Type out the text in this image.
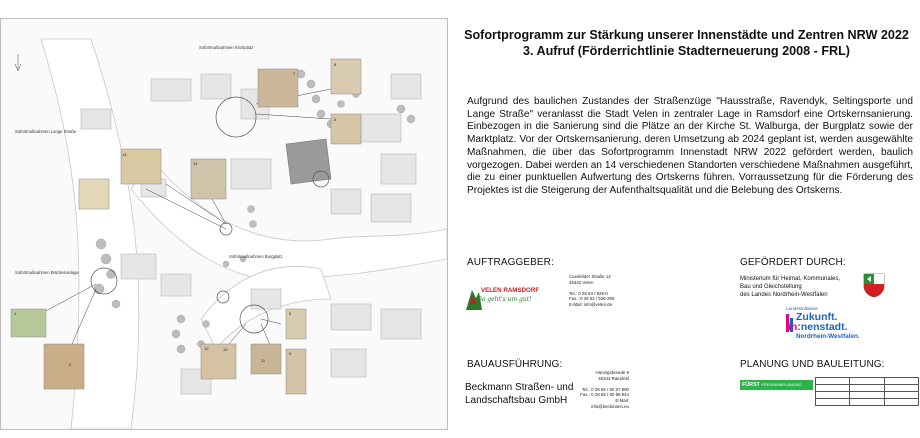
6
7
5
13
14
1
2
8
9
10
11
12
Sofortmaßnahmen Kirchplatz
Sofortmaßnahmen Lange Straße
Sofortmaßnahmen Burgplatz
Sofortmaßnahmen Brückenanlage
Sofortprogramm zur Stärkung unserer Innenstädte und Zentren NRW 2022
3. Aufruf (Förderrichtlinie Stadterneuerung 2008 - FRL)
Aufgrund des baulichen Zustandes der Straßenzüge "Hausstraße, Ravendyk, Seltingsporte und Lange Straße" veranlasst die Stadt Velen in zentraler Lage in Ramsdorf eine Ortskernsanierung. Einbezogen in die Sanierung sind die Plätze an der Kirche St. Walburga, der Burgplatz sowie der Marktplatz. Vor der Ortskernsanierung, deren Umsetzung ab 2024 geplant ist, werden ausgewählte Maßnahmen, die über das Sofortprogramm Innenstadt NRW 2022 gefördert werden, baulich vorgezogen. Dabei werden an 14 verschiedenen Standorten verschiedene Maßnahmen ausgeführt, die zu einer punktuellen Aufwertung des Ortskerns führen. Vorraussetzung für die Förderung des Projektes ist die Steigerung der Aufenthaltsqualität und die Belebung des Ortskerns.
AUFTRAGGEBER:
VELEN RAMSDORF
Da geht's um gut!
Coesfelder Straße 14
46342 Velen

Tel.: 0 28 63 / 926-0
Fax.: 0 28 63 / 926-299
E-Mail: info@velen.de
GEFÖRDERT DURCH:
Ministerium für Heimat, Kommunales,
Bau und Gleichstellung
des Landes Nordrhein-Westfalen
Landesinitiative
Zukunft.
in:nenstadt.
Nordrhein-Westfalen.
BAUAUSFÜHRUNG:
Beckmann Straßen- und Landschaftsbau GmbH
Hüningsbreede 8
46343 Raesfeld

Tel.: 0 28 65 / 60 97 990
Fax.: 0 28 65 / 60 86 944
E-Mail: info@beckmann.eu
PLANUNG UND BAULEITUNG:
FÜRST FREIRAUMPLANUNG
